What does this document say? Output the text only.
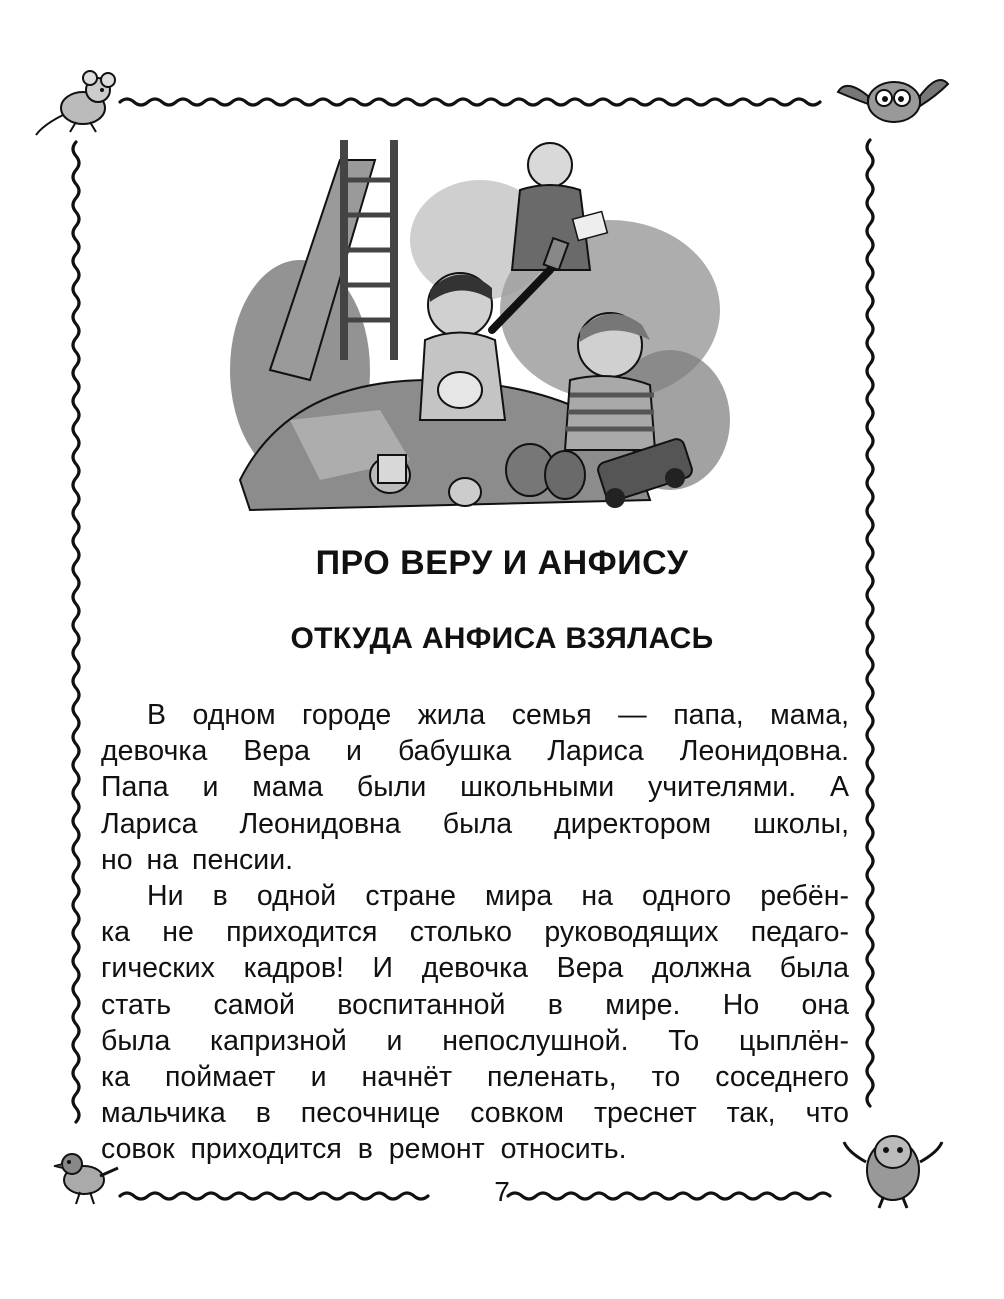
ПРО ВЕРУ И АНФИСУ
ОТКУДА АНФИСА ВЗЯЛАСЬ
В одном городе жила семья — папа, мама,
девочка Вера и бабушка Лариса Леонидовна.
Папа и мама были школьными учителями. А
Лариса Леонидовна была директором школы,
но на пенсии.
Ни в одной стране мира на одного ребён-
ка не приходится столько руководящих педаго-
гических кадров! И девочка Вера должна была
стать самой воспитанной в мире. Но она
была капризной и непослушной. То цыплён-
ка поймает и начнёт пеленать, то соседнего
мальчика в песочнице совком треснет так, что
совок приходится в ремонт относить.
7
